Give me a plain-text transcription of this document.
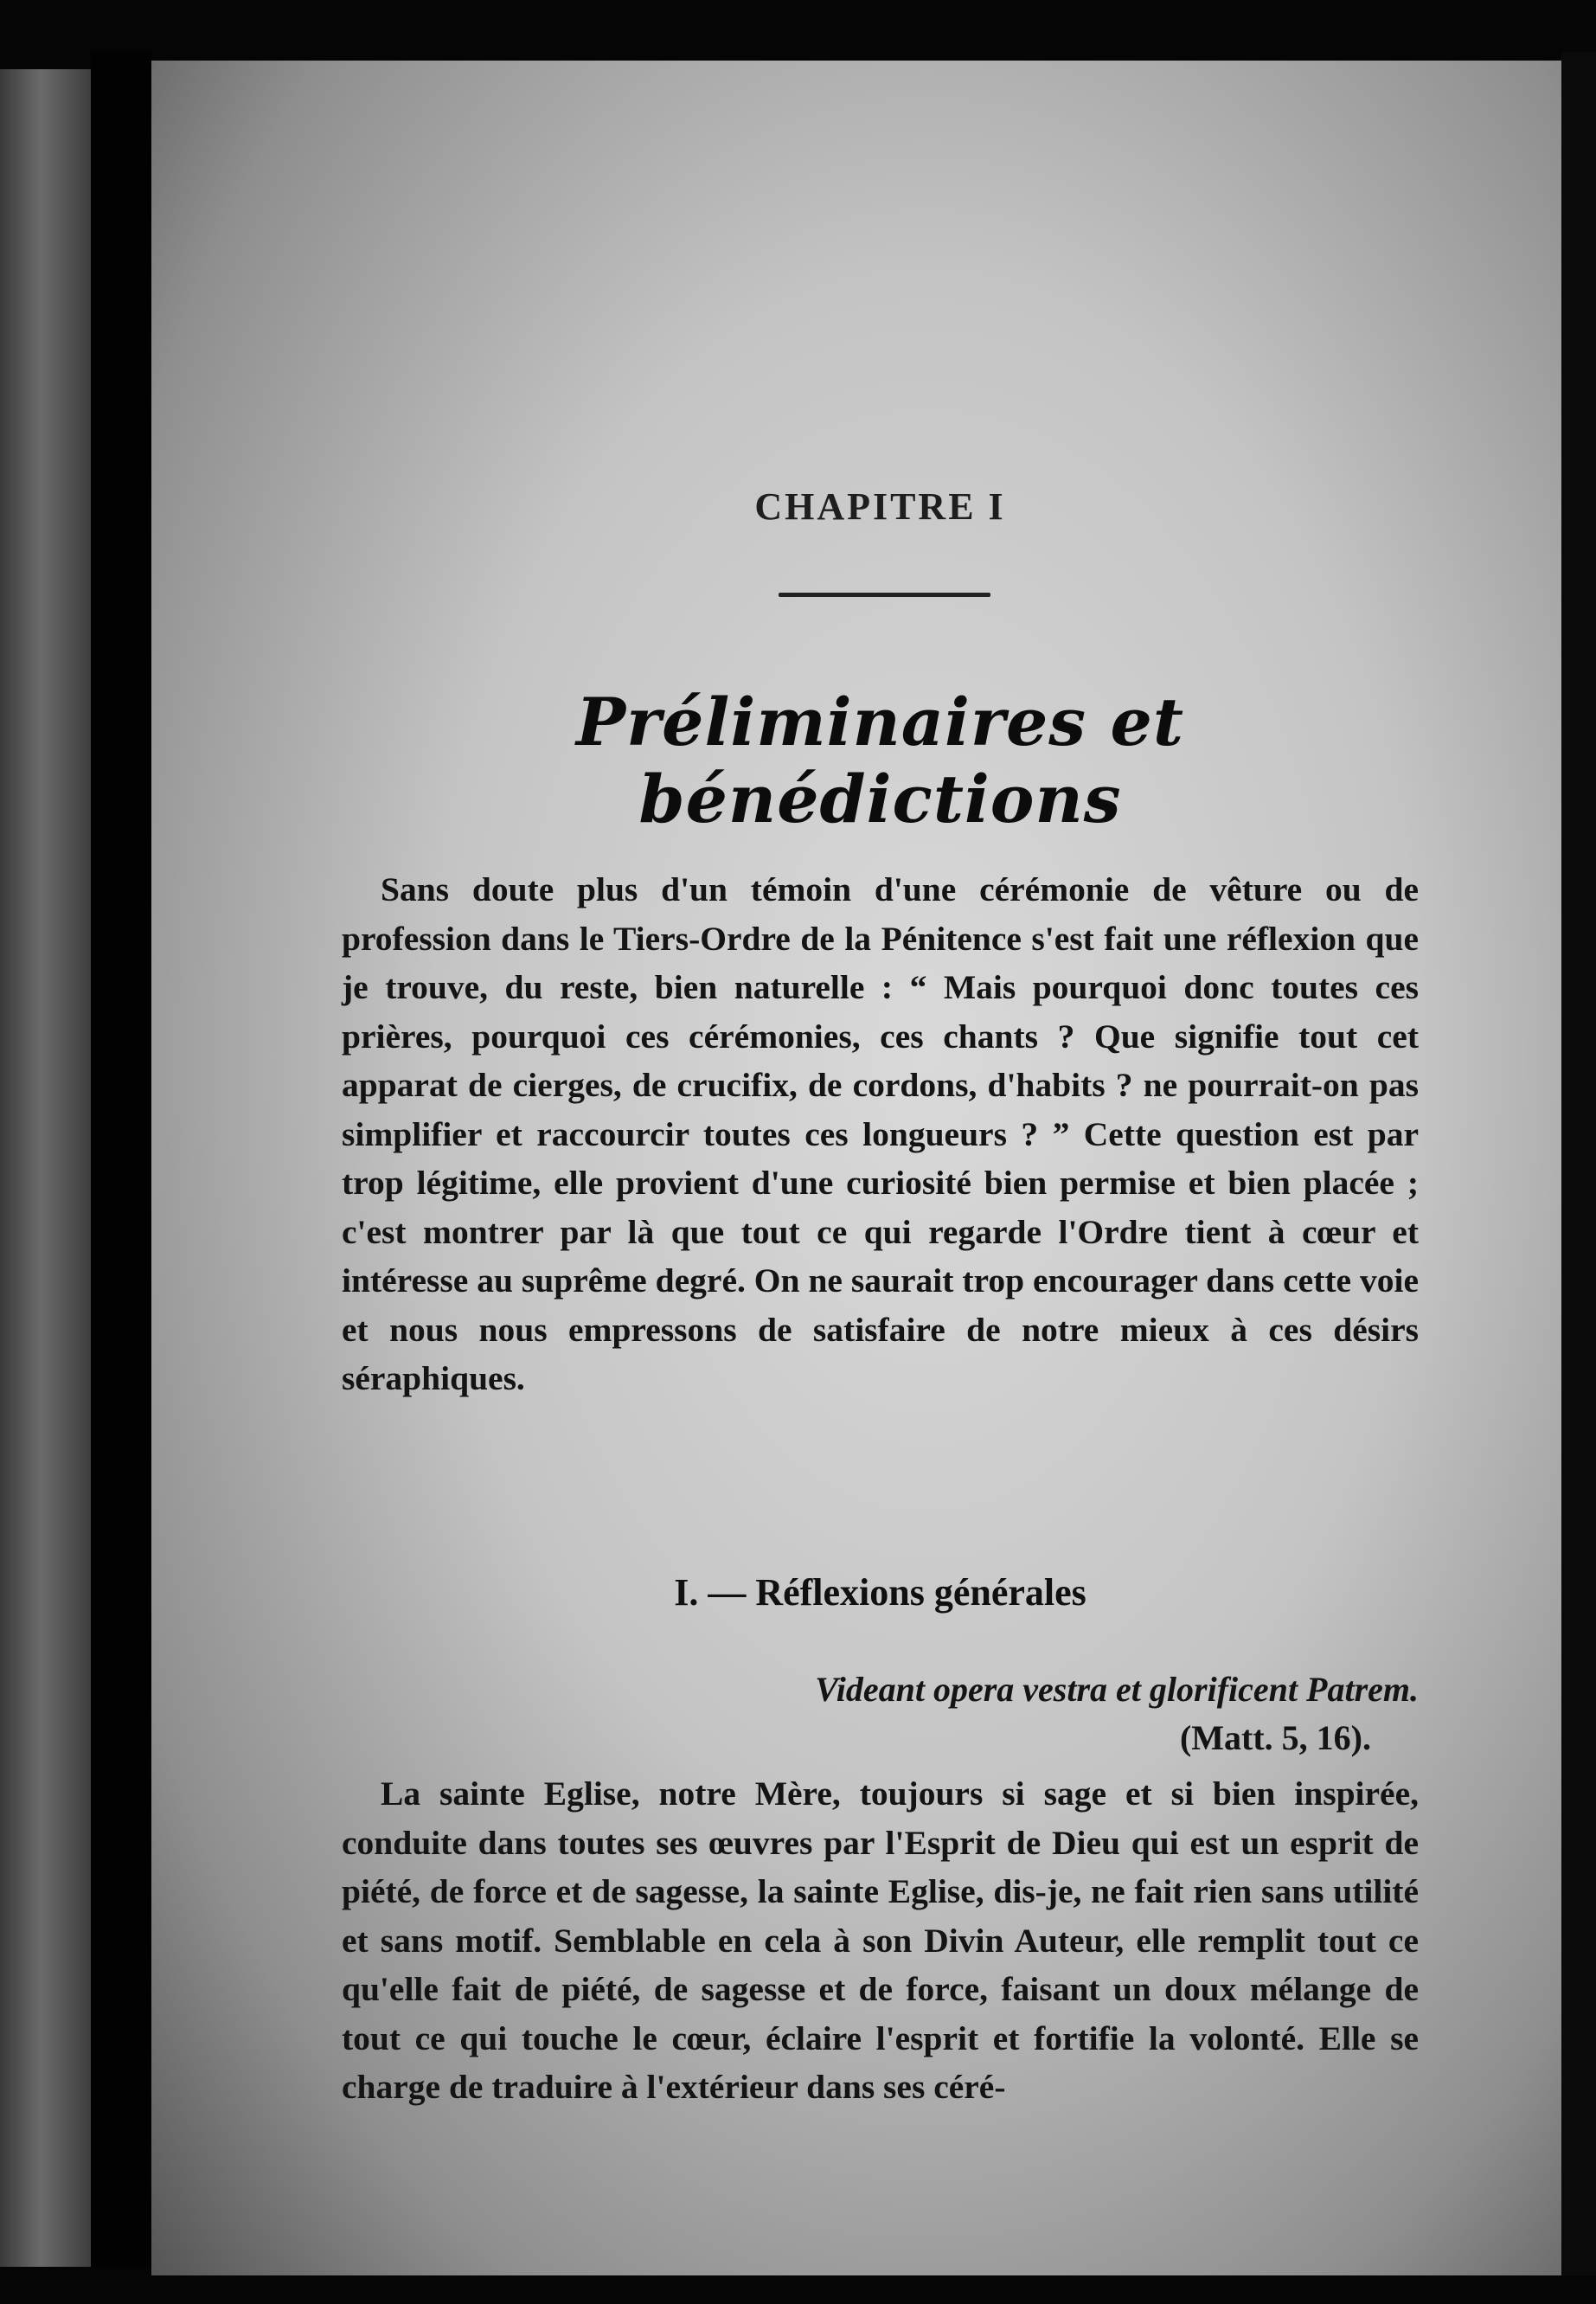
CHAPITRE I
Préliminaires et bénédictions
Sans doute plus d'un témoin d'une cérémonie de vêture ou de profession dans le Tiers-Ordre de la Pénitence s'est fait une réflexion que je trouve, du reste, bien naturelle : “ Mais pourquoi donc toutes ces prières, pourquoi ces cérémonies, ces chants ? Que signifie tout cet apparat de cierges, de crucifix, de cordons, d'habits ? ne pourrait-on pas simplifier et raccourcir toutes ces longueurs ? ” Cette question est par trop légitime, elle provient d'une curiosité bien permise et bien placée ; c'est montrer par là que tout ce qui regarde l'Ordre tient à cœur et intéresse au suprême degré. On ne saurait trop encourager dans cette voie et nous nous empressons de satisfaire de notre mieux à ces désirs séraphiques.
I. — Réflexions générales
Videant opera vestra et glorificent Patrem.
(Matt. 5, 16).
La sainte Eglise, notre Mère, toujours si sage et si bien inspirée, conduite dans toutes ses œuvres par l'Esprit de Dieu qui est un esprit de piété, de force et de sagesse, la sainte Eglise, dis-je, ne fait rien sans utilité et sans motif. Semblable en cela à son Divin Auteur, elle remplit tout ce qu'elle fait de piété, de sagesse et de force, faisant un doux mélange de tout ce qui touche le cœur, éclaire l'esprit et fortifie la volonté. Elle se charge de traduire à l'extérieur dans ses céré-
